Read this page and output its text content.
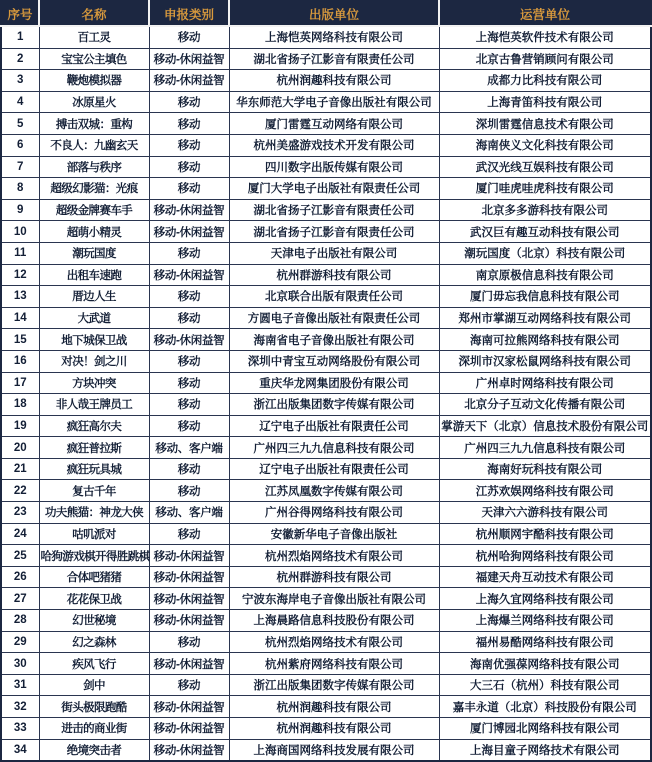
序号	名称	申报类别	出版单位	运营单位
1	百工灵	移动	上海恺英网络科技有限公司	上海恺英软件技术有限公司
2	宝宝公主填色	移动-休闲益智	湖北省扬子江影音有限责任公司	北京古鲁营销顾问有限公司
3	鞭炮模拟器	移动-休闲益智	杭州润趣科技有限公司	成都力比科技有限公司
4	冰原星火	移动	华东师范大学电子音像出版社有限公司	上海青笛科技有限公司
5	搏击双城：重构	移动	厦门雷霆互动网络有限公司	深圳雷霆信息技术有限公司
6	不良人：九幽玄天	移动	杭州美盛游戏技术开发有限公司	海南侠义文化科技有限公司
7	部落与秩序	移动	四川数字出版传媒有限公司	武汉光线互娱科技有限公司
8	超级幻影猫：光痕	移动	厦门大学电子出版社有限责任公司	厦门哇虎哇虎科技有限公司
9	超级金牌赛车手	移动-休闲益智	湖北省扬子江影音有限责任公司	北京多多游科技有限公司
10	超萌小精灵	移动-休闲益智	湖北省扬子江影音有限责任公司	武汉巨有趣互动科技有限公司
11	潮玩国度	移动	天津电子出版社有限公司	潮玩国度（北京）科技有限公司
12	出租车速跑	移动-休闲益智	杭州群游科技有限公司	南京原极信息科技有限公司
13	厝边人生	移动	北京联合出版有限责任公司	厦门毋忘我信息科技有限公司
14	大武道	移动	方圆电子音像出版社有限责任公司	郑州市掌湖互动网络科技有限公司
15	地下城保卫战	移动-休闲益智	海南省电子音像出版社有限公司	海南可拉熊网络科技有限公司
16	对决！剑之川	移动	深圳中青宝互动网络股份有限公司	深圳市汉家松鼠网络科技有限公司
17	方块冲突	移动	重庆华龙网集团股份有限公司	广州卓时网络科技有限公司
18	非人哉王牌员工	移动	浙江出版集团数字传媒有限公司	北京分子互动文化传播有限公司
19	疯狂高尔夫	移动	辽宁电子出版社有限责任公司	掌游天下（北京）信息技术股份有限公司
20	疯狂普拉斯	移动、客户端	广州四三九九信息科技有限公司	广州四三九九信息科技有限公司
21	疯狂玩具城	移动	辽宁电子出版社有限责任公司	海南好玩科技有限公司
22	复古千年	移动	江苏凤凰数字传媒有限公司	江苏欢娱网络科技有限公司
23	功夫熊猫：神龙大侠	移动、客户端	广州谷得网络科技有限公司	天津六六游科技有限公司
24	咕叽派对	移动	安徽新华电子音像出版社	杭州顺网宇酷科技有限公司
25	哈狗游戏棋开得胜跳棋	移动-休闲益智	杭州烈焰网络技术有限公司	杭州哈狗网络科技有限公司
26	合体吧猪猪	移动-休闲益智	杭州群游科技有限公司	福建天舟互动技术有限公司
27	花花保卫战	移动-休闲益智	宁波东海岸电子音像出版社有限公司	上海久宜网络科技有限公司
28	幻世秘境	移动-休闲益智	上海晨路信息科技股份有限公司	上海爆兰网络科技有限公司
29	幻之森林	移动	杭州烈焰网络技术有限公司	福州易酷网络科技有限公司
30	疾风飞行	移动-休闲益智	杭州紫府网络科技有限公司	海南优强葆网络科技有限公司
31	剑中	移动	浙江出版集团数字传媒有限公司	大三石（杭州）科技有限公司
32	街头极限跑酷	移动-休闲益智	杭州润趣科技有限公司	嘉丰永道（北京）科技股份有限公司
33	进击的商业街	移动-休闲益智	杭州润趣科技有限公司	厦门博园北网络科技有限公司
34	绝境突击者	移动-休闲益智	上海商国网络科技发展有限公司	上海目童子网络技术有限公司
